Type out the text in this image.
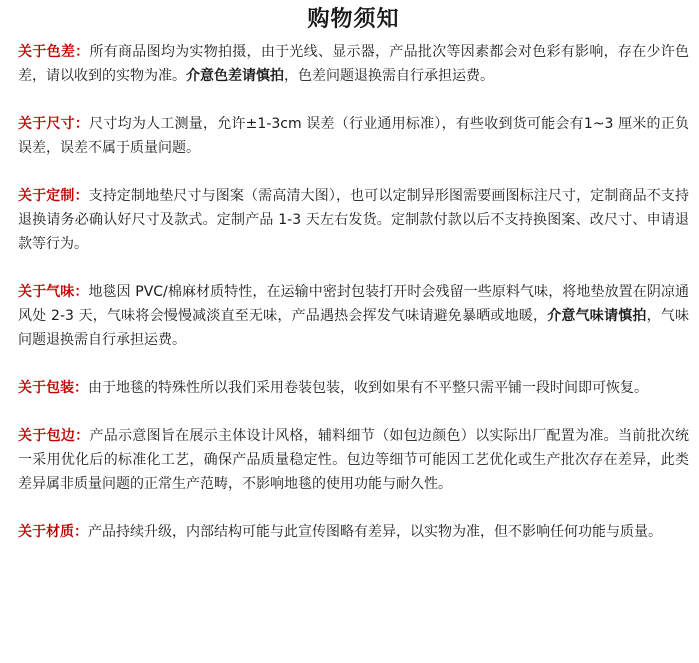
购物须知

关于色差：所有商品图均为实物拍摄，由于光线、显示器，产品批次等因素都会对色彩有影响，存在少许色差，请以收到的实物为准。介意色差请慎拍，色差问题退换需自行承担运费。

关于尺寸：尺寸均为人工测量，允许±1-3cm 误差（行业通用标准），有些收到货可能会有1~3 厘米的正负误差，误差不属于质量问题。

关于定制：支持定制地垫尺寸与图案（需高清大图），也可以定制异形图需要画图标注尺寸，定制商品不支持退换请务必确认好尺寸及款式。定制产品 1-3 天左右发货。定制款付款以后不支持换图案、改尺寸、申请退款等行为。

关于气味：地毯因 PVC/棉麻材质特性，在运输中密封包装打开时会残留一些原料气味，将地垫放置在阴凉通风处 2-3 天，气味将会慢慢减淡直至无味，产品遇热会挥发气味请避免暴晒或地暖，介意气味请慎拍，气味问题退换需自行承担运费。

关于包装：由于地毯的特殊性所以我们采用卷装包装，收到如果有不平整只需平铺一段时间即可恢复。

关于包边：产品示意图旨在展示主体设计风格，辅料细节（如包边颜色）以实际出厂配置为准。当前批次统一采用优化后的标准化工艺，确保产品质量稳定性。包边等细节可能因工艺优化或生产批次存在差异，此类差异属非质量问题的正常生产范畴，不影响地毯的使用功能与耐久性。

关于材质：产品持续升级，内部结构可能与此宣传图略有差异，以实物为准，但不影响任何功能与质量。
